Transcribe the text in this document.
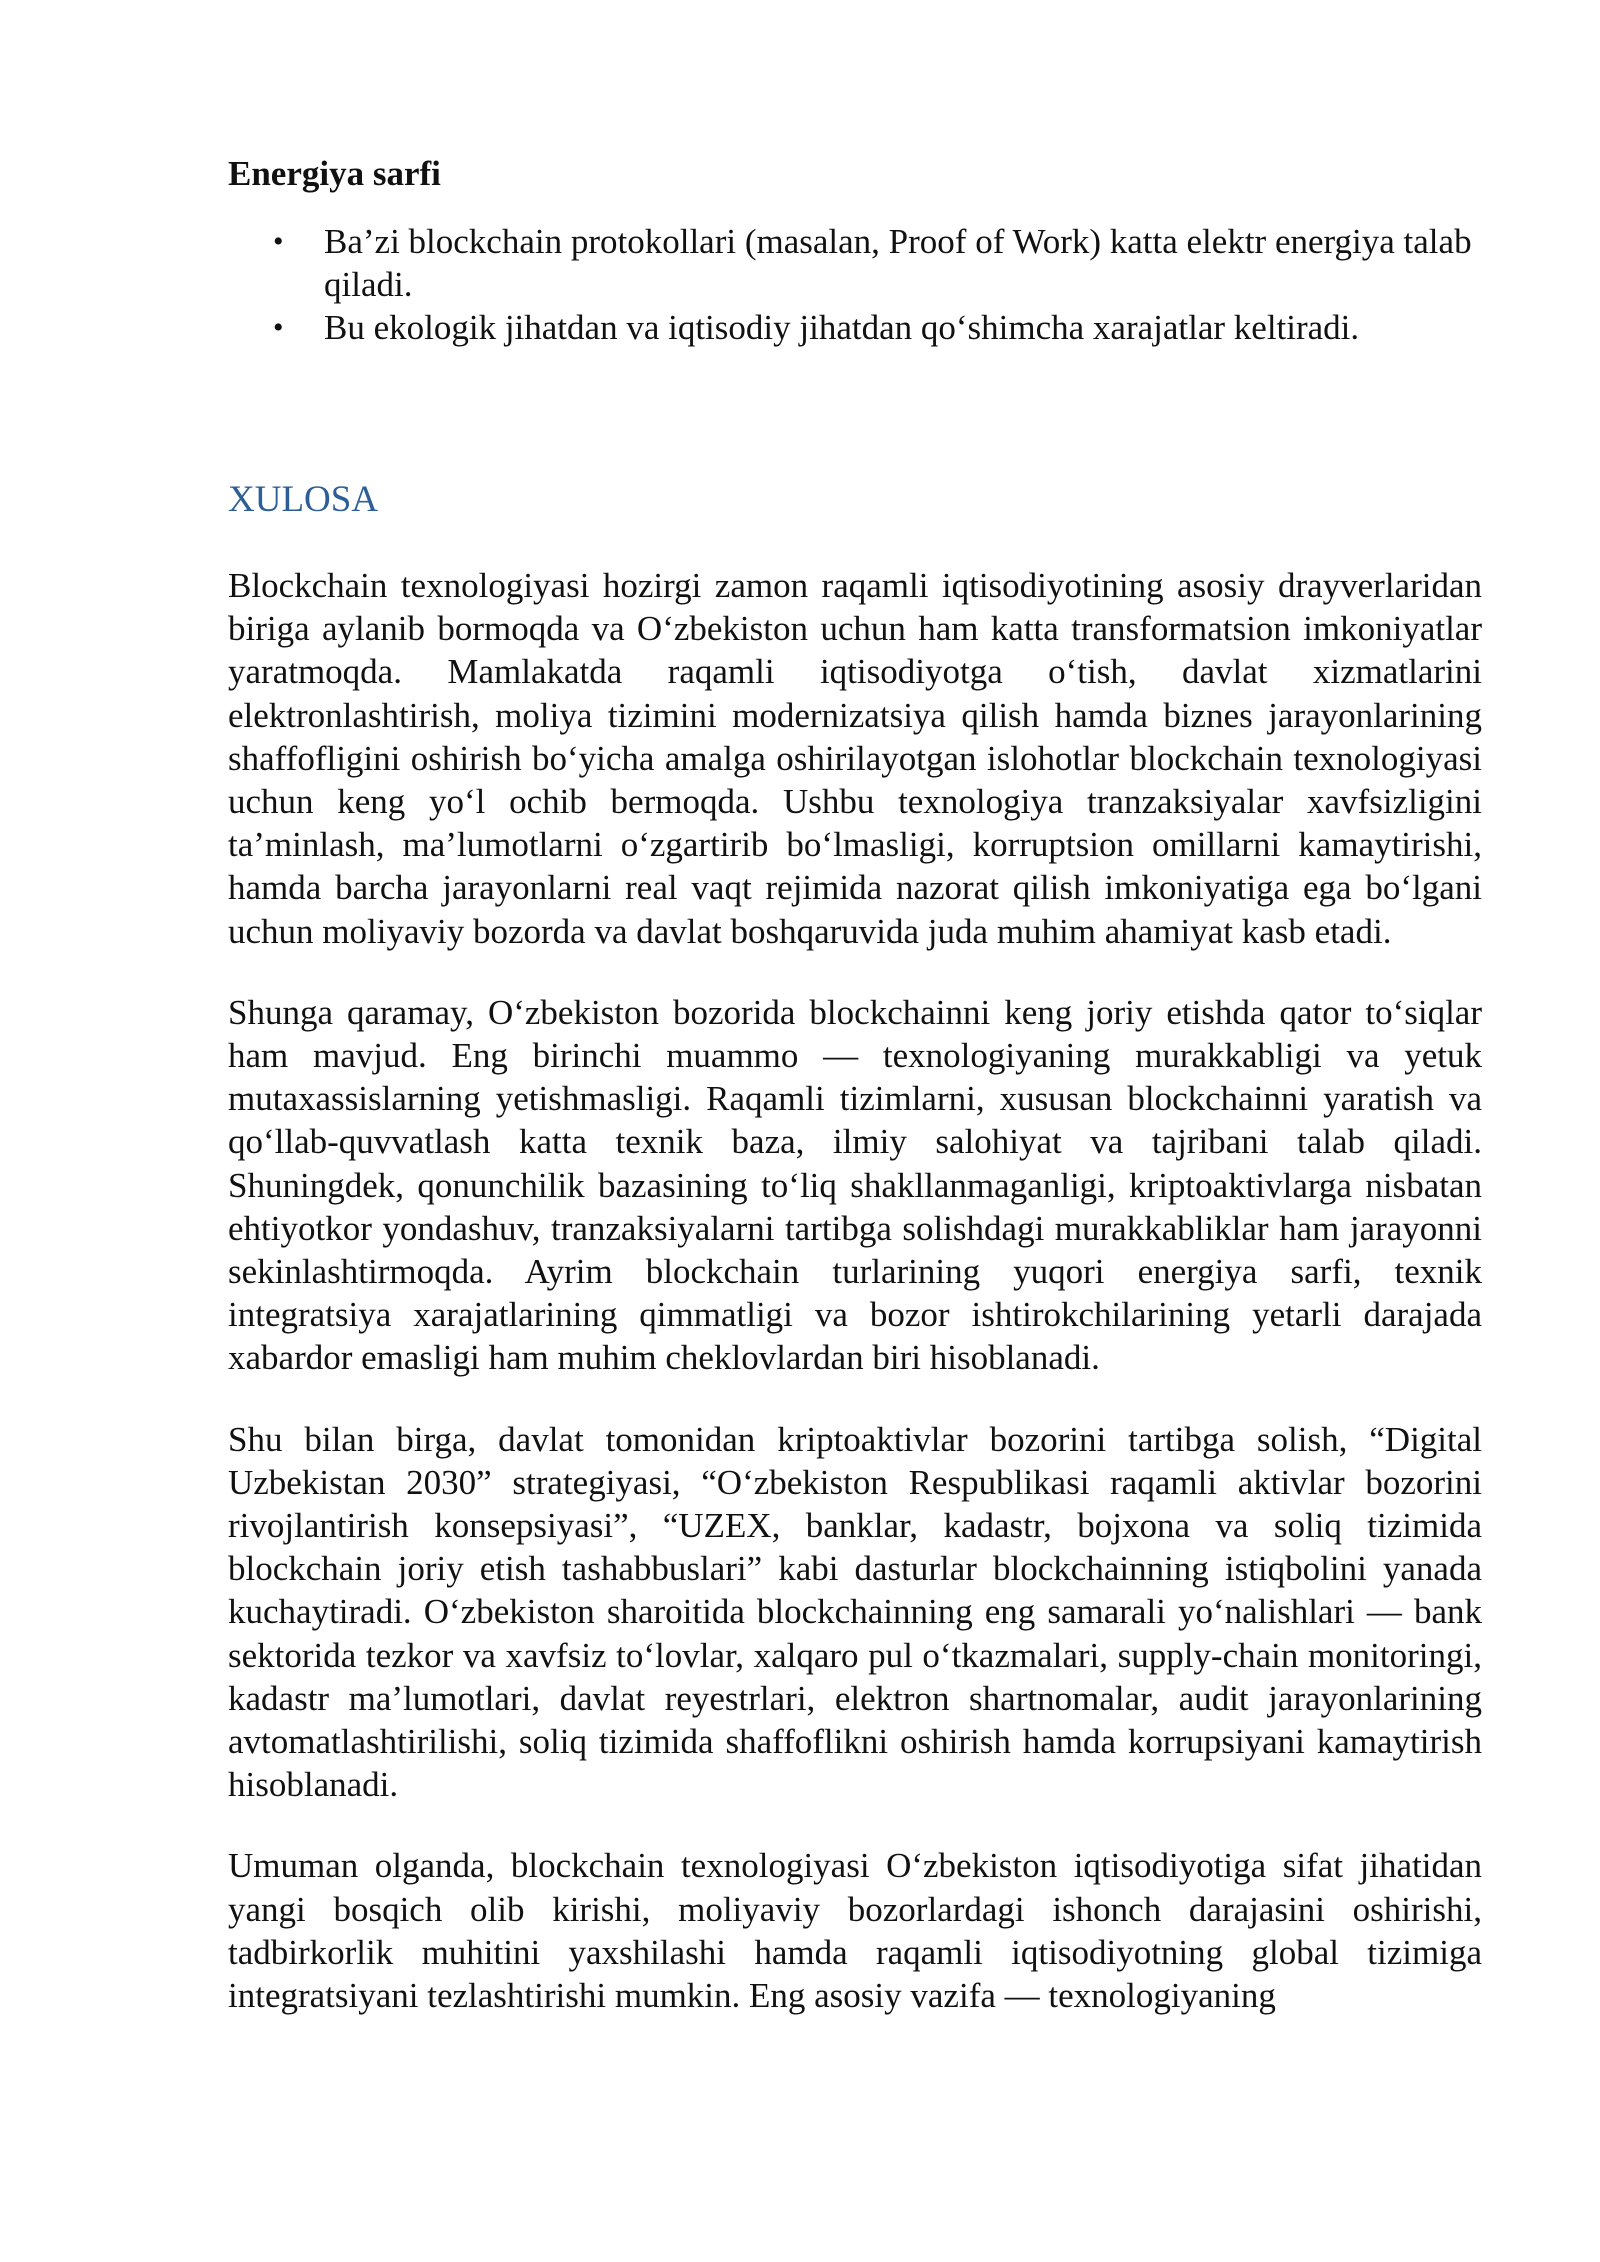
Energiya sarfi
• Ba’zi blockchain protokollari (masalan, Proof of Work) katta elektr energiya talab qiladi.
• Bu ekologik jihatdan va iqtisodiy jihatdan qo‘shimcha xarajatlar keltiradi.
XULOSA

Blockchain texnologiyasi hozirgi zamon raqamli iqtisodiyotining asosiy drayverlaridan biriga aylanib bormoqda va O‘zbekiston uchun ham katta transformatsion imkoniyatlar yaratmoqda. Mamlakatda raqamli iqtisodiyotga o‘tish, davlat xizmatlarini elektronlashtirish, moliya tizimini modernizatsiya qilish hamda biznes jarayonlarining shaffofligini oshirish bo‘yicha amalga oshirilayotgan islohotlar blockchain texnologiyasi uchun keng yo‘l ochib bermoqda. Ushbu texnologiya tranzaksiyalar xavfsizligini ta’minlash, ma’lumotlarni o‘zgartirib bo‘lmasligi, korruptsion omillarni kamaytirishi, hamda barcha jarayonlarni real vaqt rejimida nazorat qilish imkoniyatiga ega bo‘lgani uchun moliyaviy bozorda va davlat boshqaruvida juda muhim ahamiyat kasb etadi.

Shunga qaramay, O‘zbekiston bozorida blockchainni keng joriy etishda qator to‘siqlar ham mavjud. Eng birinchi muammo — texnologiyaning murakkabligi va yetuk mutaxassislarning yetishmasligi. Raqamli tizimlarni, xususan blockchainni yaratish va qo‘llab-quvvatlash katta texnik baza, ilmiy salohiyat va tajribani talab qiladi. Shuningdek, qonunchilik bazasining to‘liq shakllanmaganligi, kriptoaktivlarga nisbatan ehtiyotkor yondashuv, tranzaksiyalarni tartibga solishdagi murakkabliklar ham jarayonni sekinlashtirmoqda. Ayrim blockchain turlarining yuqori energiya sarfi, texnik integratsiya xarajatlarining qimmatligi va bozor ishtirokchilarining yetarli darajada xabardor emasligi ham muhim cheklovlardan biri hisoblanadi.

Shu bilan birga, davlat tomonidan kriptoaktivlar bozorini tartibga solish, “Digital Uzbekistan 2030” strategiyasi, “O‘zbekiston Respublikasi raqamli aktivlar bozorini rivojlantirish konsepsiyasi”, “UZEX, banklar, kadastr, bojxona va soliq tizimida blockchain joriy etish tashabbuslari” kabi dasturlar blockchainning istiqbolini yanada kuchaytiradi. O‘zbekiston sharoitida blockchainning eng samarali yo‘nalishlari — bank sektorida tezkor va xavfsiz to‘lovlar, xalqaro pul o‘tkazmalari, supply-chain monitoringi, kadastr ma’lumotlari, davlat reyestrlari, elektron shartnomalar, audit jarayonlarining avtomatlashtirilishi, soliq tizimida shaffoflikni oshirish hamda korrupsiyani kamaytirish hisoblanadi.

Umuman olganda, blockchain texnologiyasi O‘zbekiston iqtisodiyotiga sifat jihatidan yangi bosqich olib kirishi, moliyaviy bozorlardagi ishonch darajasini oshirishi, tadbirkorlik muhitini yaxshilashi hamda raqamli iqtisodiyotning global tizimiga integratsiyani tezlashtirishi mumkin. Eng asosiy vazifa — texnologiyaning
